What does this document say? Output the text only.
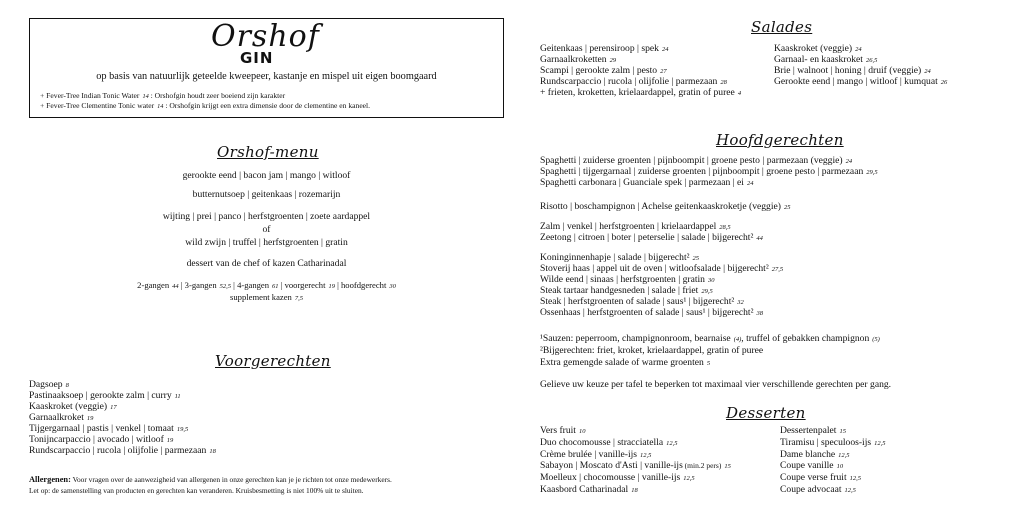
Orshof
GIN
op basis van natuurlijk geteelde kweepeer, kastanje en mispel uit eigen boomgaard
+ Fever-Tree Indian Tonic Water 14 : Orshofgin houdt zeer boeiend zijn karakter
+ Fever-Tree Clementine Tonic water 14 : Orshofgin krijgt een extra dimensie door de clementine en kaneel.
Orshof-menu
gerookte eend | bacon jam | mango | witloof
butternutsoep | geitenkaas | rozemarijn
wijting | prei | panco | herfstgroenten | zoete aardappel
of
wild zwijn | truffel | herfstgroenten | gratin
dessert van de chef of kazen Catharinadal
2-gangen 44 | 3-gangen 52,5 | 4-gangen 61 | voorgerecht 19 | hoofdgerecht 30
supplement kazen 7,5
Voorgerechten
Dagsoep 8
Pastinaaksoep | gerookte zalm | curry 11
Kaaskroket (veggie) 17
Garnaalkroket 19
Tijgergarnaal | pastis | venkel | tomaat 19,5
Tonijncarpaccio | avocado | witloof 19
Rundscarpaccio | rucola | olijfolie | parmezaan 18
Allergenen: Voor vragen over de aanwezigheid van allergenen in onze gerechten kan je je richten tot onze medewerkers.
Let op: de samenstelling van producten en gerechten kan veranderen. Kruisbesmetting is niet 100% uit te sluiten.
Salades
Geitenkaas | perensiroop | spek 24
Garnaalkroketten 29
Scampi | gerookte zalm | pesto 27
Rundscarpaccio | rucola | olijfolie | parmezaan 28
+ frieten, kroketten, krielaardappel, gratin of puree 4
Kaaskroket (veggie) 24
Garnaal- en kaaskroket 26,5
Brie | walnoot | honing | druif (veggie) 24
Gerookte eend | mango | witloof | kumquat 26
Hoofdgerechten
Spaghetti | zuiderse groenten | pijnboompit | groene pesto | parmezaan (veggie) 24
Spaghetti | tijgergarnaal | zuiderse groenten | pijnboompit | groene pesto | parmezaan 29,5
Spaghetti carbonara | Guanciale spek | parmezaan | ei 24
Risotto | boschampignon | Achelse geitenkaaskroketje (veggie) 25
Zalm | venkel | herfstgroenten | krielaardappel 28,5
Zeetong | citroen | boter | peterselie | salade | bijgerecht² 44
Koninginnenhapje | salade | bijgerecht² 25
Stoverij haas | appel uit de oven | witloofsalade | bijgerecht² 27,5
Wilde eend | sinaas | herfstgroenten | gratin 30
Steak tartaar handgesneden | salade | friet 29,5
Steak | herfstgroenten of salade | saus¹ | bijgerecht² 32
Ossenhaas | herfstgroenten of salade | saus¹ | bijgerecht² 38
¹Sauzen: peperroom, champignonroom, bearnaise (4), truffel of gebakken champignon (5)
²Bijgerechten: friet, kroket, krielaardappel, gratin of puree
Extra gemengde salade of warme groenten 5
Gelieve uw keuze per tafel te beperken tot maximaal vier verschillende gerechten per gang.
Desserten
Vers fruit 10
Duo chocomousse | stracciatella 12,5
Crème brulée | vanille-ijs 12,5
Sabayon | Moscato d'Asti | vanille-ijs (min.2 pers) 15
Moelleux | chocomousse | vanille-ijs 12,5
Kaasbord Catharinadal 18
Dessertenpalet 15
Tiramisu | speculoos-ijs 12,5
Dame blanche 12,5
Coupe vanille 10
Coupe verse fruit 12,5
Coupe advocaat 12,5
